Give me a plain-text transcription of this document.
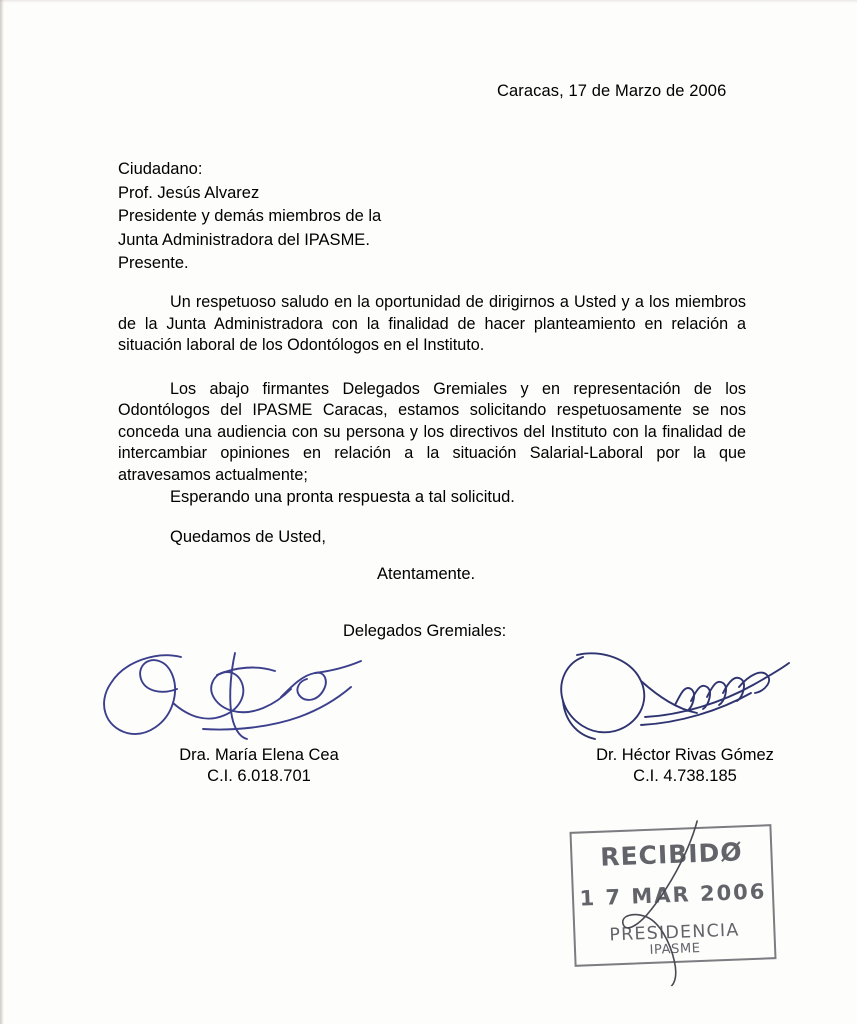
Caracas, 17 de Marzo de 2006
Ciudadano:
Prof. Jesús Alvarez
Presidente y demás miembros de la
Junta Administradora del IPASME.
Presente.

Un respetuoso saludo en la oportunidad de dirigirnos a Usted y a los miembros de la Junta Administradora con la finalidad de hacer planteamiento en relación a situación laboral de los Odontólogos en el Instituto.

Los abajo firmantes Delegados Gremiales y en representación de los Odontólogos del IPASME Caracas, estamos solicitando respetuosamente se nos conceda una audiencia con su persona y los directivos del Instituto con la finalidad de intercambiar opiniones en relación a la situación Salarial-Laboral por la que atravesamos actualmente;

Esperando una pronta respuesta a tal solicitud.
Quedamos de Usted,
Atentamente.
Delegados Gremiales:
Dra. María Elena Cea
C.I. 6.018.701
Dr. Héctor Rivas Gómez
C.I. 4.738.185
RECIBIDØ
1 7 MAR 2006
PRESIDENCIA
IPASME
